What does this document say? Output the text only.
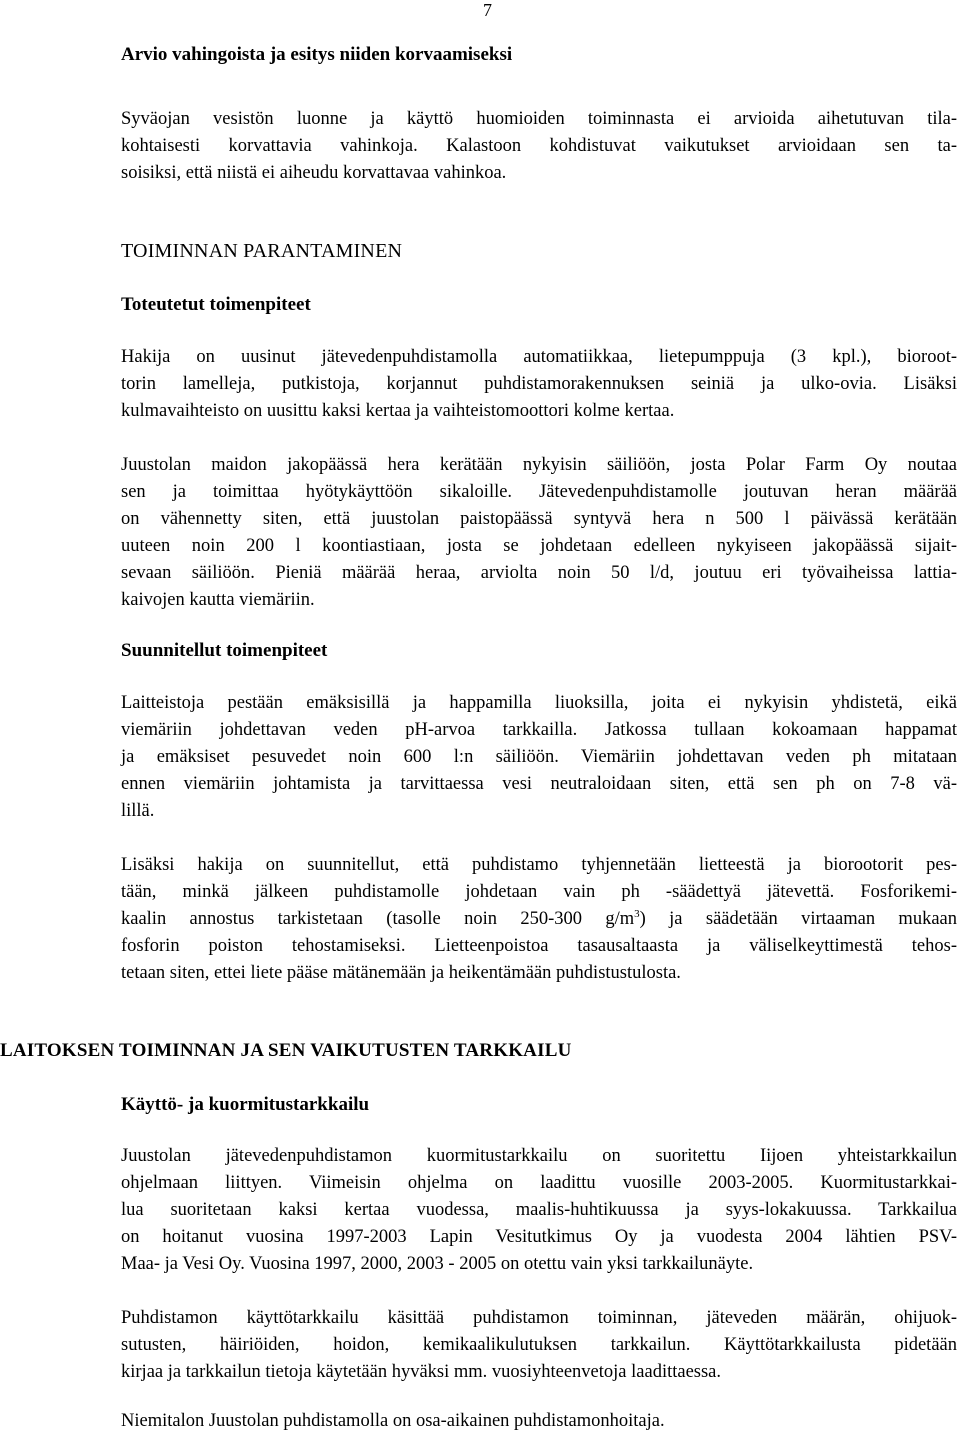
7
Arvio vahingoista ja esitys niiden korvaamiseksi

Syväojan vesistön luonne ja käyttö huomioiden toiminnasta ei arvioida aihetutuvan tila-
kohtaisesti korvattavia vahinkoja. Kalastoon kohdistuvat vaikutukset arvioidaan sen ta-
soisiksi, että niistä ei aiheudu korvattavaa vahinkoa.

TOIMINNAN PARANTAMINEN
Toteutetut toimenpiteet

Hakija on uusinut jätevedenpuhdistamolla automatiikkaa, lietepumppuja (3 kpl.), bioroot-
torin lamelleja, putkistoja, korjannut puhdistamorakennuksen seiniä ja ulko-ovia. Lisäksi
kulmavaihteisto on uusittu kaksi kertaa ja vaihteistomoottori kolme kertaa.

Juustolan maidon jakopäässä hera kerätään nykyisin säiliöön, josta Polar Farm Oy noutaa
sen ja toimittaa hyötykäyttöön sikaloille. Jätevedenpuhdistamolle joutuvan heran määrää
on vähennetty siten, että juustolan paistopäässä syntyvä hera n 500 l päivässä kerätään
uuteen noin 200 l koontiastiaan, josta se johdetaan edelleen nykyiseen jakopäässä sijait-
sevaan säiliöön. Pieniä määrää heraa, arviolta noin 50 l/d, joutuu eri työvaiheissa lattia-
kaivojen kautta viemäriin.

Suunnitellut toimenpiteet

Laitteistoja pestään emäksisillä ja happamilla liuoksilla, joita ei nykyisin yhdistetä, eikä
viemäriin johdettavan veden pH-arvoa tarkkailla. Jatkossa tullaan kokoamaan happamat
ja emäksiset pesuvedet noin 600 l:n säiliöön. Viemäriin johdettavan veden ph mitataan
ennen viemäriin johtamista ja tarvittaessa vesi neutraloidaan siten, että sen ph on 7-8 vä-
lillä.

Lisäksi hakija on suunnitellut, että puhdistamo tyhjennetään lietteestä ja biorootorit pes-
tään, minkä jälkeen puhdistamolle johdetaan vain ph -säädettyä jätevettä. Fosforikemi-
kaalin annostus tarkistetaan (tasolle noin 250-300 $g/m^3$) ja säädetään virtaaman mukaan
fosforin poiston tehostamiseksi. Lietteenpoistoa tasausaltaasta ja väliselkeyttimestä tehos-
tetaan siten, ettei liete pääse mätänemään ja heikentämään puhdistustulosta.

LAITOKSEN TOIMINNAN JA SEN VAIKUTUSTEN TARKKAILU
Käyttö- ja kuormitustarkkailu

Juustolan jätevedenpuhdistamon kuormitustarkkailu on suoritettu Iijoen yhteistarkkailun
ohjelmaan liittyen. Viimeisin ohjelma on laadittu vuosille 2003-2005. Kuormitustarkkai-
lua suoritetaan kaksi kertaa vuodessa, maalis-huhtikuussa ja syys-lokakuussa. Tarkkailua
on hoitanut vuosina 1997-2003 Lapin Vesitutkimus Oy ja vuodesta 2004 lähtien PSV-
Maa- ja Vesi Oy. Vuosina 1997, 2000, 2003 - 2005 on otettu vain yksi tarkkailunäyte.

Puhdistamon käyttötarkkailu käsittää puhdistamon toiminnan, jäteveden määrän, ohijuok-
sutusten, häiriöiden, hoidon, kemikaalikulutuksen tarkkailun. Käyttötarkkailusta pidetään
kirjaa ja tarkkailun tietoja käytetään hyväksi mm. vuosiyhteenvetoja laadittaessa.

Niemitalon Juustolan puhdistamolla on osa-aikainen puhdistamonhoitaja.
